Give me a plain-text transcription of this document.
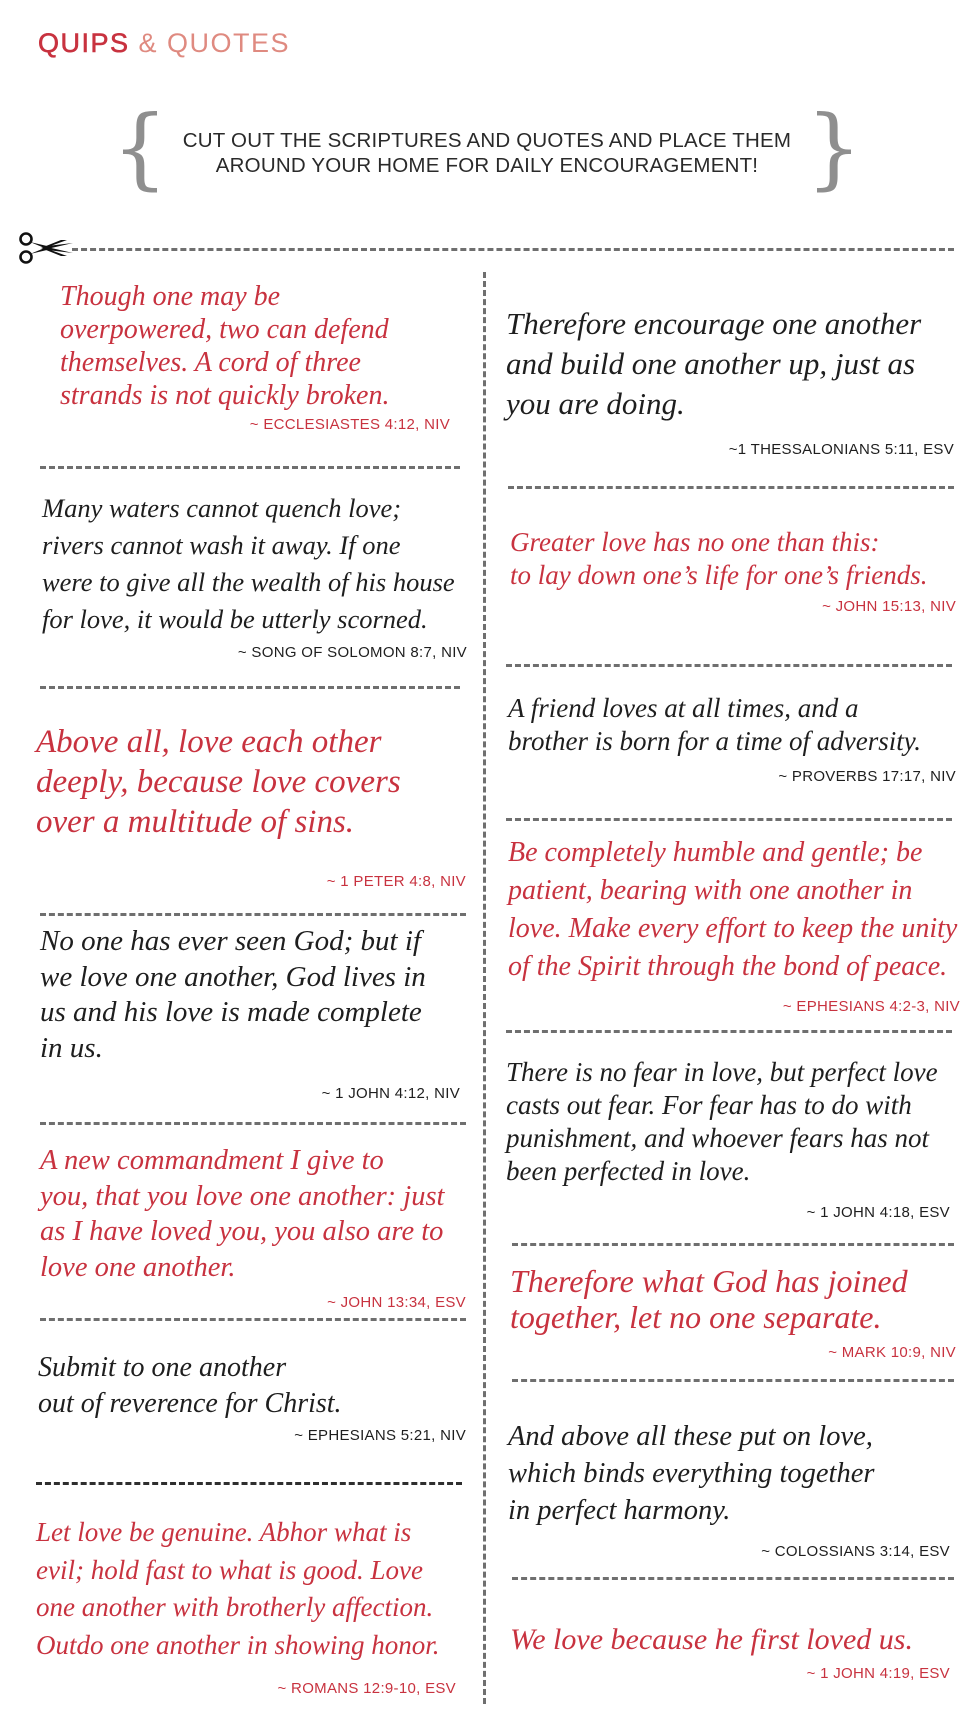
QUIPS & QUOTES
{ CUT OUT THE SCRIPTURES AND QUOTES AND PLACE THEM
AROUND YOUR HOME FOR DAILY ENCOURAGEMENT! }
Though one may be
overpowered, two can defend
themselves. A cord of three
strands is not quickly broken.
~ ECCLESIASTES 4:12, NIV
Many waters cannot quench love;
rivers cannot wash it away. If one
were to give all the wealth of his house
for love, it would be utterly scorned.
~ SONG OF SOLOMON 8:7, NIV
Above all, love each other
deeply, because love covers
over a multitude of sins.
~ 1 PETER 4:8, NIV
No one has ever seen God; but if
we love one another, God lives in
us and his love is made complete
in us.
~ 1 JOHN 4:12, NIV
A new commandment I give to
you, that you love one another: just
as I have loved you, you also are to
love one another.
~ JOHN 13:34, ESV
Submit to one another
out of reverence for Christ.
~ EPHESIANS 5:21, NIV
Let love be genuine. Abhor what is
evil; hold fast to what is good. Love
one another with brotherly affection.
Outdo one another in showing honor.
~ ROMANS 12:9-10, ESV
Therefore encourage one another
and build one another up, just as
you are doing.
~1 THESSALONIANS 5:11, ESV
Greater love has no one than this:
to lay down one’s life for one’s friends.
~ JOHN 15:13, NIV
A friend loves at all times, and a
brother is born for a time of adversity.
~ PROVERBS 17:17, NIV
Be completely humble and gentle; be
patient, bearing with one another in
love. Make every effort to keep the unity
of the Spirit through the bond of peace.
~ EPHESIANS 4:2-3, NIV
There is no fear in love, but perfect love
casts out fear. For fear has to do with
punishment, and whoever fears has not
been perfected in love.
~ 1 JOHN 4:18, ESV
Therefore what God has joined
together, let no one separate.
~ MARK 10:9, NIV
And above all these put on love,
which binds everything together
in perfect harmony.
~ COLOSSIANS 3:14, ESV
We love because he first loved us.
~ 1 JOHN 4:19, ESV
